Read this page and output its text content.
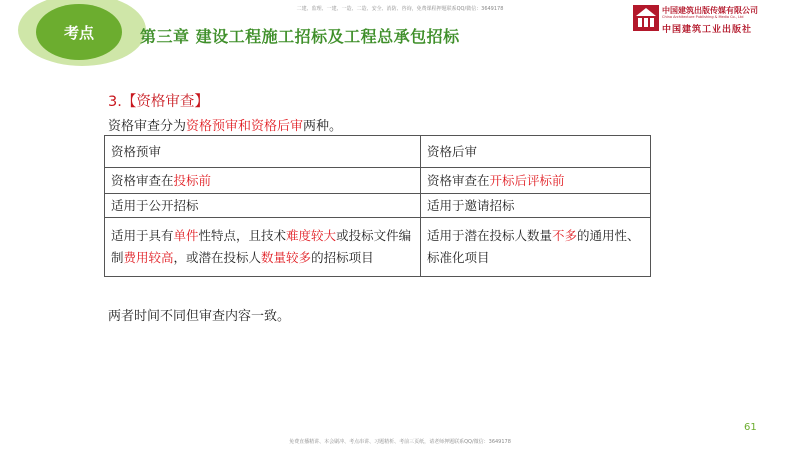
考点	第三章 建设工程施工招标及工程总承包招标
二建、监理、一建、一造、二造、安全、消防、咨询，免费课程押题联系QQ/微信：3649178	中国建筑出版传媒有限公司
China Architecture Publishing & Media Co., Ltd
中国建筑工业出版社
3.【资格审查】
资格审查分为资格预审和资格后审两种。
资格预审	资格后审
资格审查在投标前	资格审查在开标后评标前
适用于公开招标	适用于邀请招标
适用于具有单件性特点，且技术难度较大或投标文件编制费用较高，或潜在投标人数量较多的招标项目	适用于潜在投标人数量不多的通用性、标准化项目
两者时间不同但审查内容一致。
免费直播精讲、本会刷冲、考点串讲、习题精析、考前三页纸，请老师押题联系QQ/微信：3649178
61
